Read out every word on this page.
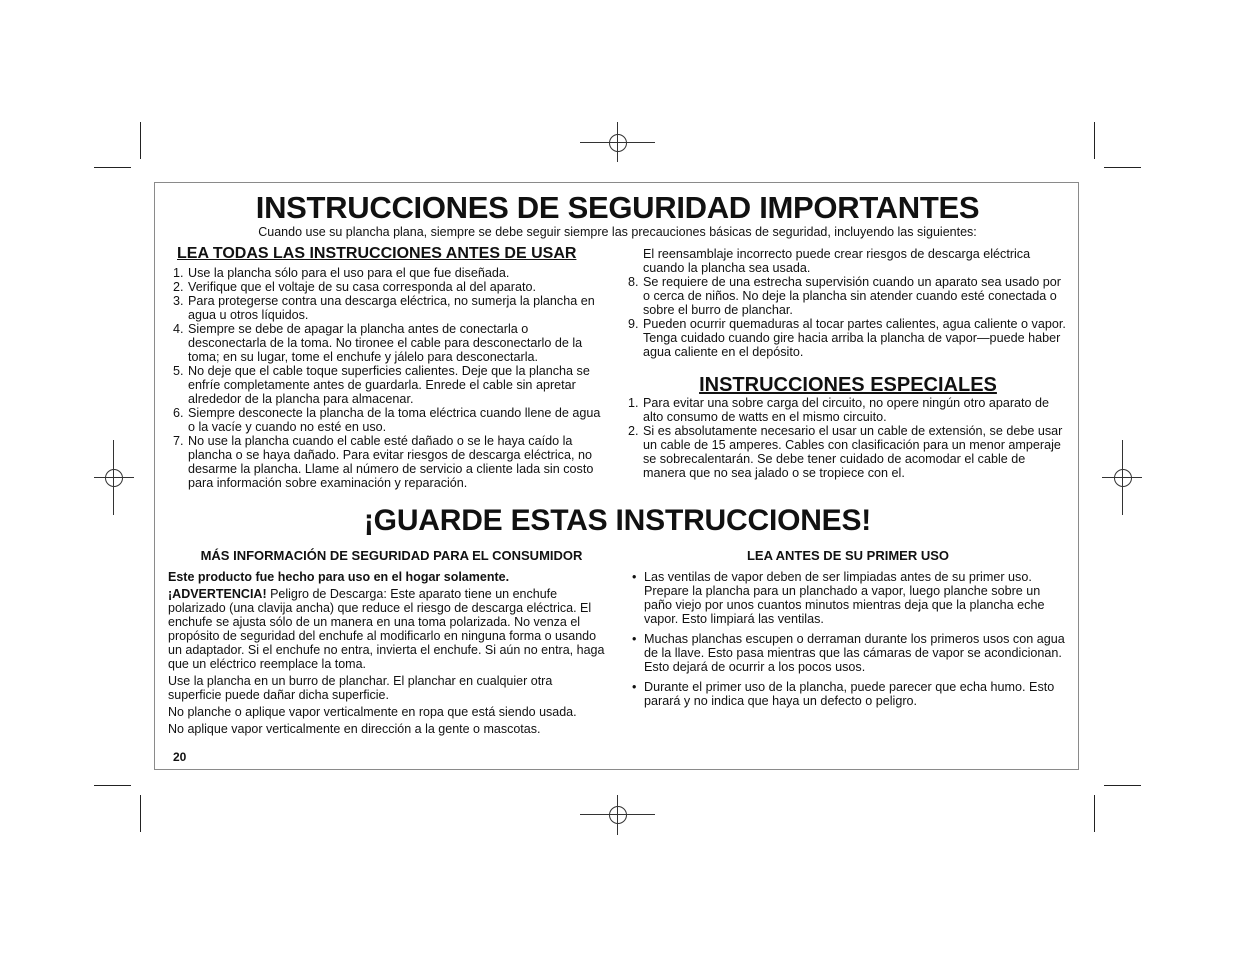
INSTRUCCIONES DE SEGURIDAD IMPORTANTES
Cuando use su plancha plana, siempre se debe seguir siempre las precauciones básicas de seguridad, incluyendo las siguientes:
LEA TODAS LAS INSTRUCCIONES ANTES DE USAR
1. Use la plancha sólo para el uso para el que fue diseñada.
2. Verifique que el voltaje de su casa corresponda al del aparato.
3. Para protegerse contra una descarga eléctrica, no sumerja la plancha en agua u otros líquidos.
4. Siempre se debe de apagar la plancha antes de conectarla o desconectarla de la toma. No tironee el cable para desconectarlo de la toma; en su lugar, tome el enchufe y jálelo para desconectarla.
5. No deje que el cable toque superficies calientes. Deje que la plancha se enfríe completamente antes de guardarla. Enrede el cable sin apretar alrededor de la plancha para almacenar.
6. Siempre desconecte la plancha de la toma eléctrica cuando llene de agua o la vacíe y cuando no esté en uso.
7. No use la plancha cuando el cable esté dañado o se le haya caído la plancha o se haya dañado. Para evitar riesgos de descarga eléctrica, no desarme la plancha. Llame al número de servicio a cliente lada sin costo para información sobre examinación y reparación.
El reensamblaje incorrecto puede crear riesgos de descarga eléctrica cuando la plancha sea usada.
8. Se requiere de una estrecha supervisión cuando un aparato sea usado por o cerca de niños. No deje la plancha sin atender cuando esté conectada o sobre el burro de planchar.
9. Pueden ocurrir quemaduras al tocar partes calientes, agua caliente o vapor. Tenga cuidado cuando gire hacia arriba la plancha de vapor—puede haber agua caliente en el depósito.
INSTRUCCIONES ESPECIALES
1. Para evitar una sobre carga del circuito, no opere ningún otro aparato de alto consumo de watts en el mismo circuito.
2. Si es absolutamente necesario el usar un cable de extensión, se debe usar un cable de 15 amperes. Cables con clasificación para un menor amperaje se sobrecalentarán. Se debe tener cuidado de acomodar el cable de manera que no sea jalado o se tropiece con el.
¡GUARDE ESTAS INSTRUCCIONES!
MÁS INFORMACIÓN DE SEGURIDAD PARA EL CONSUMIDOR

Este producto fue hecho para uso en el hogar solamente.

¡ADVERTENCIA! Peligro de Descarga: Este aparato tiene un enchufe polarizado (una clavija ancha) que reduce el riesgo de descarga eléctrica. El enchufe se ajusta sólo de un manera en una toma polarizada. No venza el propósito de seguridad del enchufe al modificarlo en ninguna forma o usando un adaptador. Si el enchufe no entra, invierta el enchufe. Si aún no entra, haga que un eléctrico reemplace la toma.

Use la plancha en un burro de planchar. El planchar en cualquier otra superficie puede dañar dicha superficie.

No planche o aplique vapor verticalmente en ropa que está siendo usada.

No aplique vapor verticalmente en dirección a la gente o mascotas.

LEA ANTES DE SU PRIMER USO
• Las ventilas de vapor deben de ser limpiadas antes de su primer uso. Prepare la plancha para un planchado a vapor, luego planche sobre un paño viejo por unos cuantos minutos mientras deja que la plancha eche vapor. Esto limpiará las ventilas.
• Muchas planchas escupen o derraman durante los primeros usos con agua de la llave. Esto pasa mientras que las cámaras de vapor se acondicionan. Esto dejará de ocurrir a los pocos usos.
• Durante el primer uso de la plancha, puede parecer que echa humo. Esto parará y no indica que haya un defecto o peligro.
20
